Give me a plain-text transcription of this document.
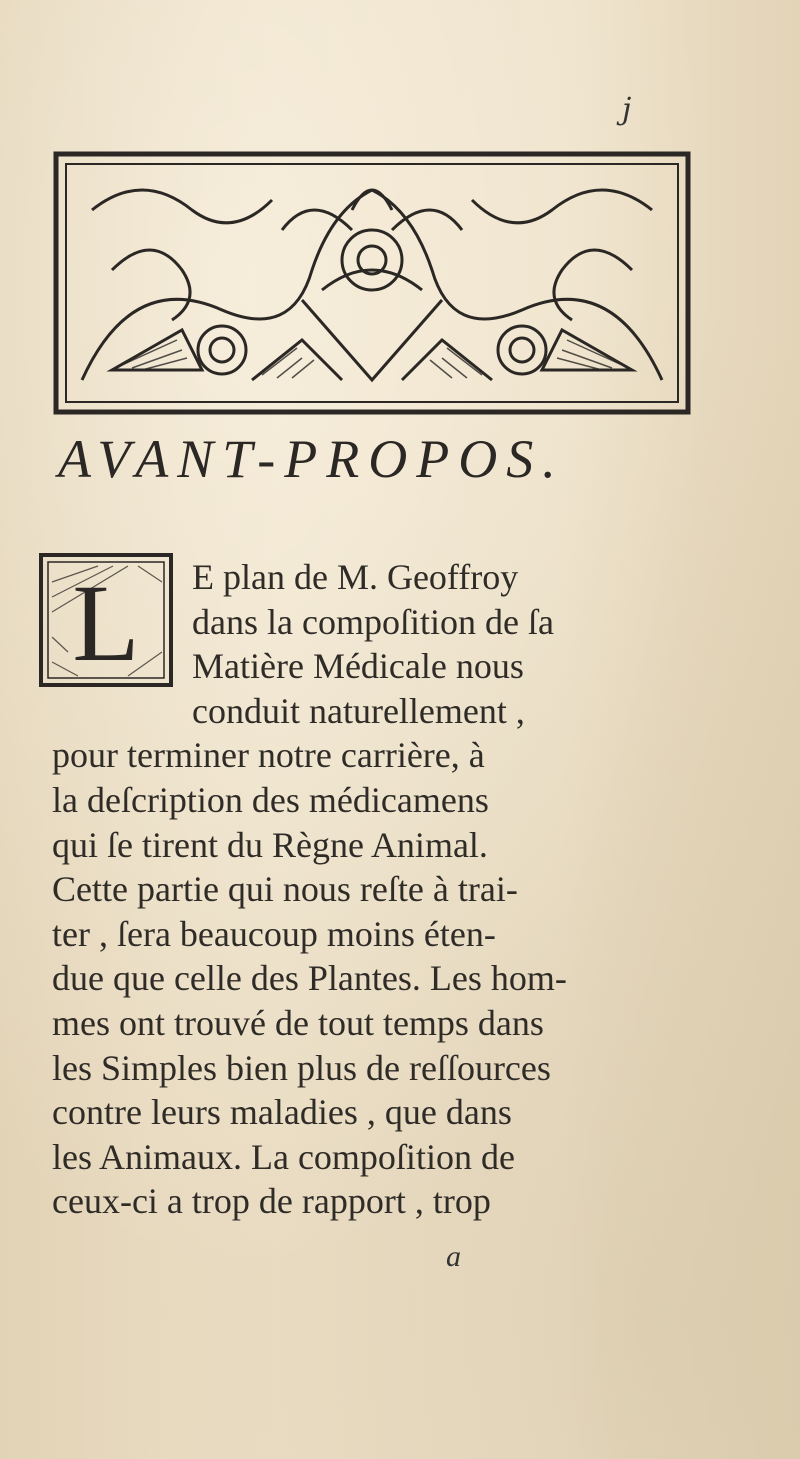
j
AVANT-PROPOS.
L	E plan de M. Geoffroy
dans la compoſition de ſa
Matière Médicale nous
conduit naturellement ,
pour terminer notre carrière, à
la deſcription des médicamens
qui ſe tirent du Règne Animal.
Cette partie qui nous reſte à trai-
ter , ſera beaucoup moins éten-
due que celle des Plantes. Les hom-
mes ont trouvé de tout temps dans
les Simples bien plus de reſſources
contre leurs maladies , que dans
les Animaux. La compoſition de
ceux-ci a trop de rapport , trop
a
